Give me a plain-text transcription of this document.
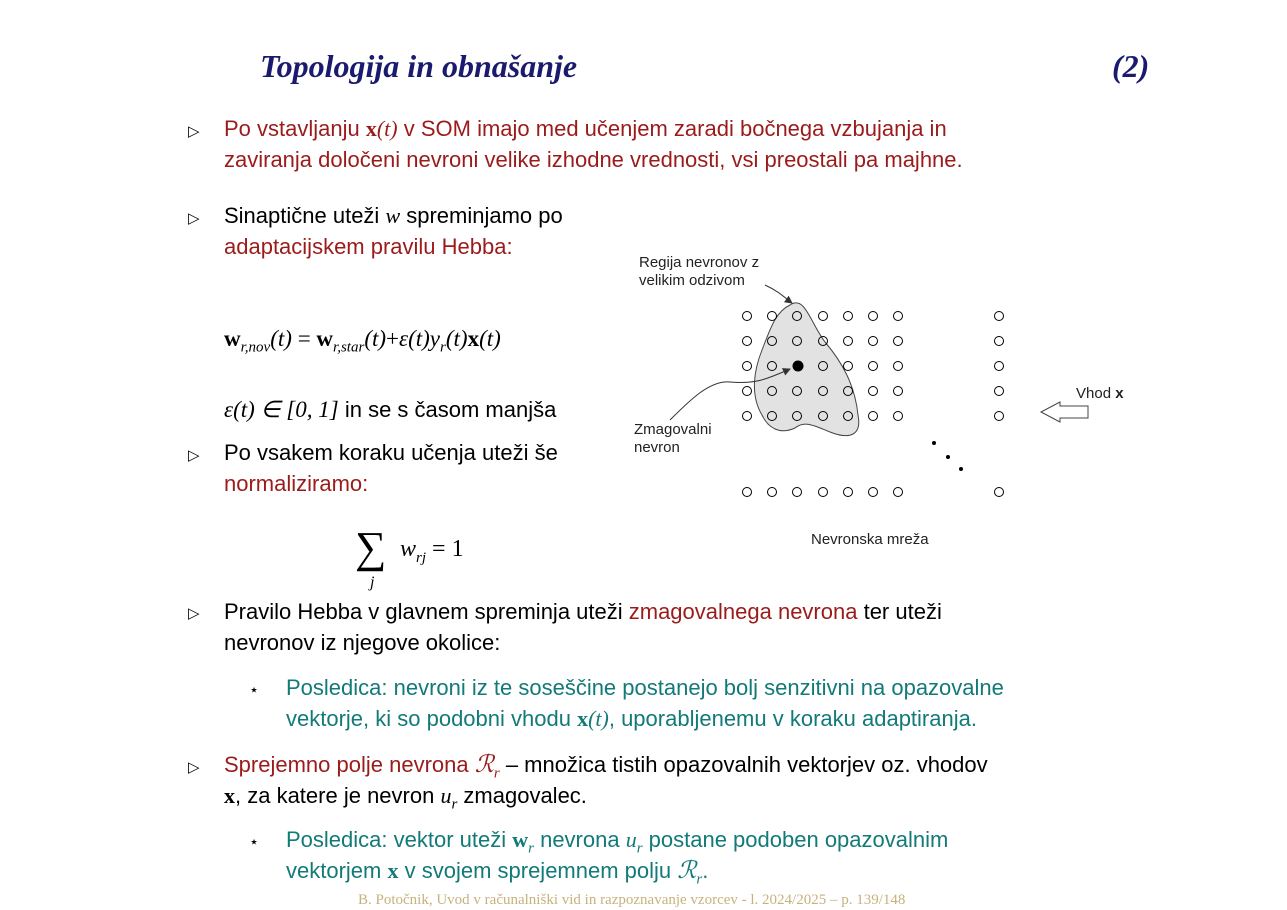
Topologija in obnašanje	(2)
▷ Po vstavljanju x(t) v SOM imajo med učenjem zaradi bočnega vzbujanja in
zaviranja določeni nevroni velike izhodne vrednosti, vsi preostali pa majhne.
▷ Sinaptične uteži w spreminjamo po
adaptacijskem pravilu Hebba:
$w_{r,nov}(t) = w_{r,star}(t)+\varepsilon(t)y_r(t)x(t)$
ε(t) ∈ [0, 1] in se s časom manjša
▷ Po vsakem koraku učenja uteži še
normaliziramo:
∑
j
$w_{rj} = 1$
▷ Pravilo Hebba v glavnem spreminja uteži zmagovalnega nevrona ter uteži
nevronov iz njegove okolice:
⋆ Posledica: nevroni iz te soseščine postanejo bolj senzitivni na opazovalne
vektorje, ki so podobni vhodu x(t), uporabljenemu v koraku adaptiranja.
▷ Sprejemno polje nevrona ℛ$_r$ – množica tistih opazovalnih vektorjev oz. vhodov
x, za katere je nevron $u_r$ zmagovalec.
⋆ Posledica: vektor uteži $w_r$ nevrona $u_r$ postane podoben opazovalnim
vektorjem x v svojem sprejemnem polju ℛ$_r$.
Regija nevronov z
velikim odzivom
Zmagovalni
nevron
Vhod x
Nevronska mreža
B. Potočnik, Uvod v računalniški vid in razpoznavanje vzorcev - l. 2024/2025 – p. 139/148
